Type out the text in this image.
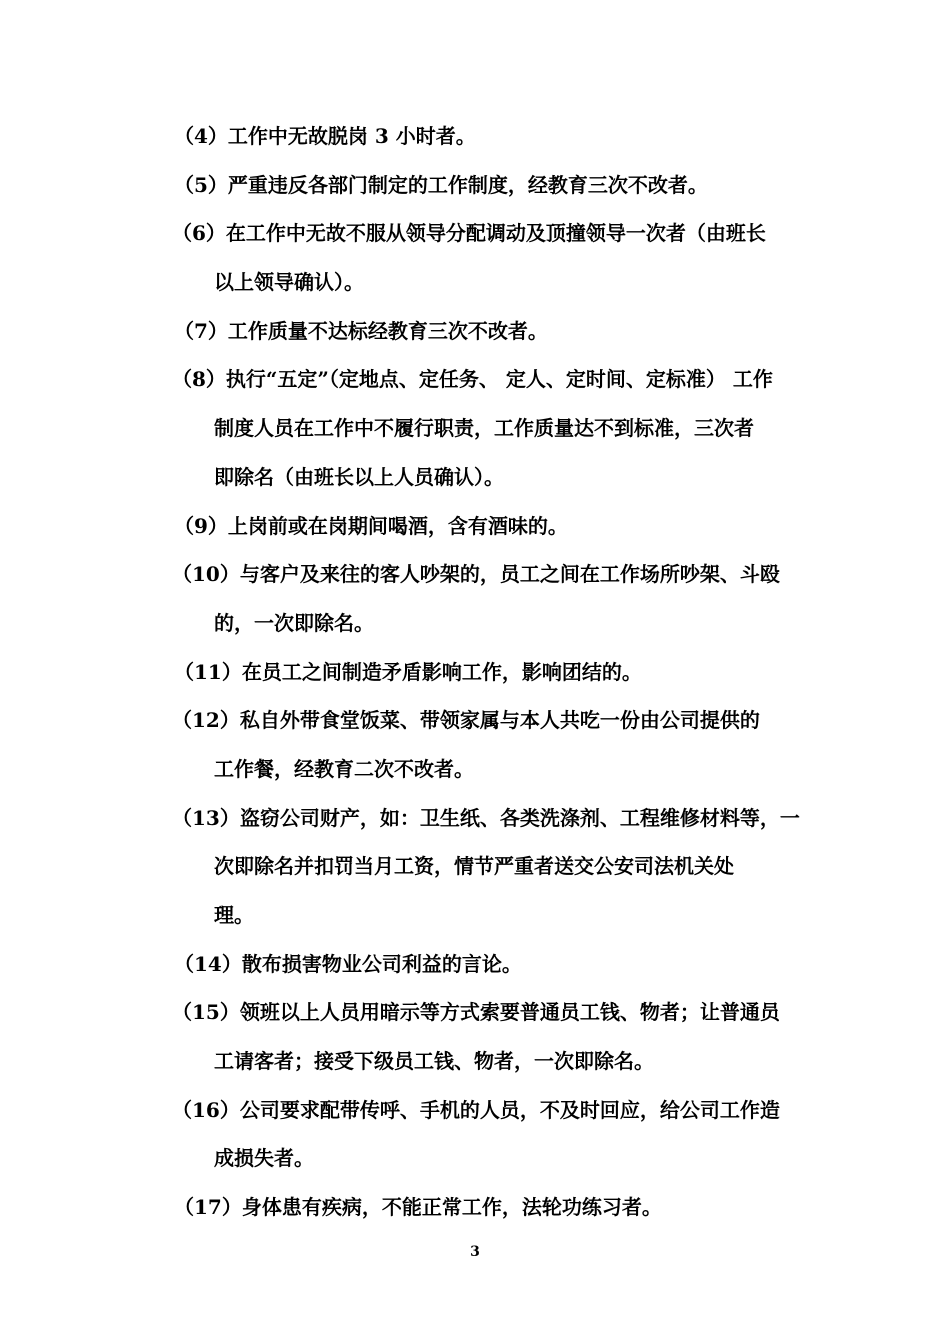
（4）工作中无故脱岗 3 小时者。
（5）严重违反各部门制定的工作制度，经教育三次不改者。
（6）在工作中无故不服从领导分配调动及顶撞领导一次者（由班长
以上领导确认）。
（7）工作质量不达标经教育三次不改者。
（8）执行“五定”（定地点、定任务、 定人、定时间、定标准） 工作
制度人员在工作中不履行职责，工作质量达不到标准，三次者
即除名（由班长以上人员确认）。
（9）上岗前或在岗期间喝酒，含有酒味的。
（10）与客户及来往的客人吵架的，员工之间在工作场所吵架、斗殴
的，一次即除名。
（11）在员工之间制造矛盾影响工作，影响团结的。
（12）私自外带食堂饭菜、带领家属与本人共吃一份由公司提供的
工作餐，经教育二次不改者。
（13）盗窃公司财产，如：卫生纸、各类洗涤剂、工程维修材料等，一
次即除名并扣罚当月工资，情节严重者送交公安司法机关处
理。
（14）散布损害物业公司利益的言论。
（15）领班以上人员用暗示等方式索要普通员工钱、物者；让普通员
工请客者；接受下级员工钱、物者，一次即除名。
（16）公司要求配带传呼、手机的人员，不及时回应，给公司工作造
成损失者。
（17）身体患有疾病，不能正常工作，法轮功练习者。
3
